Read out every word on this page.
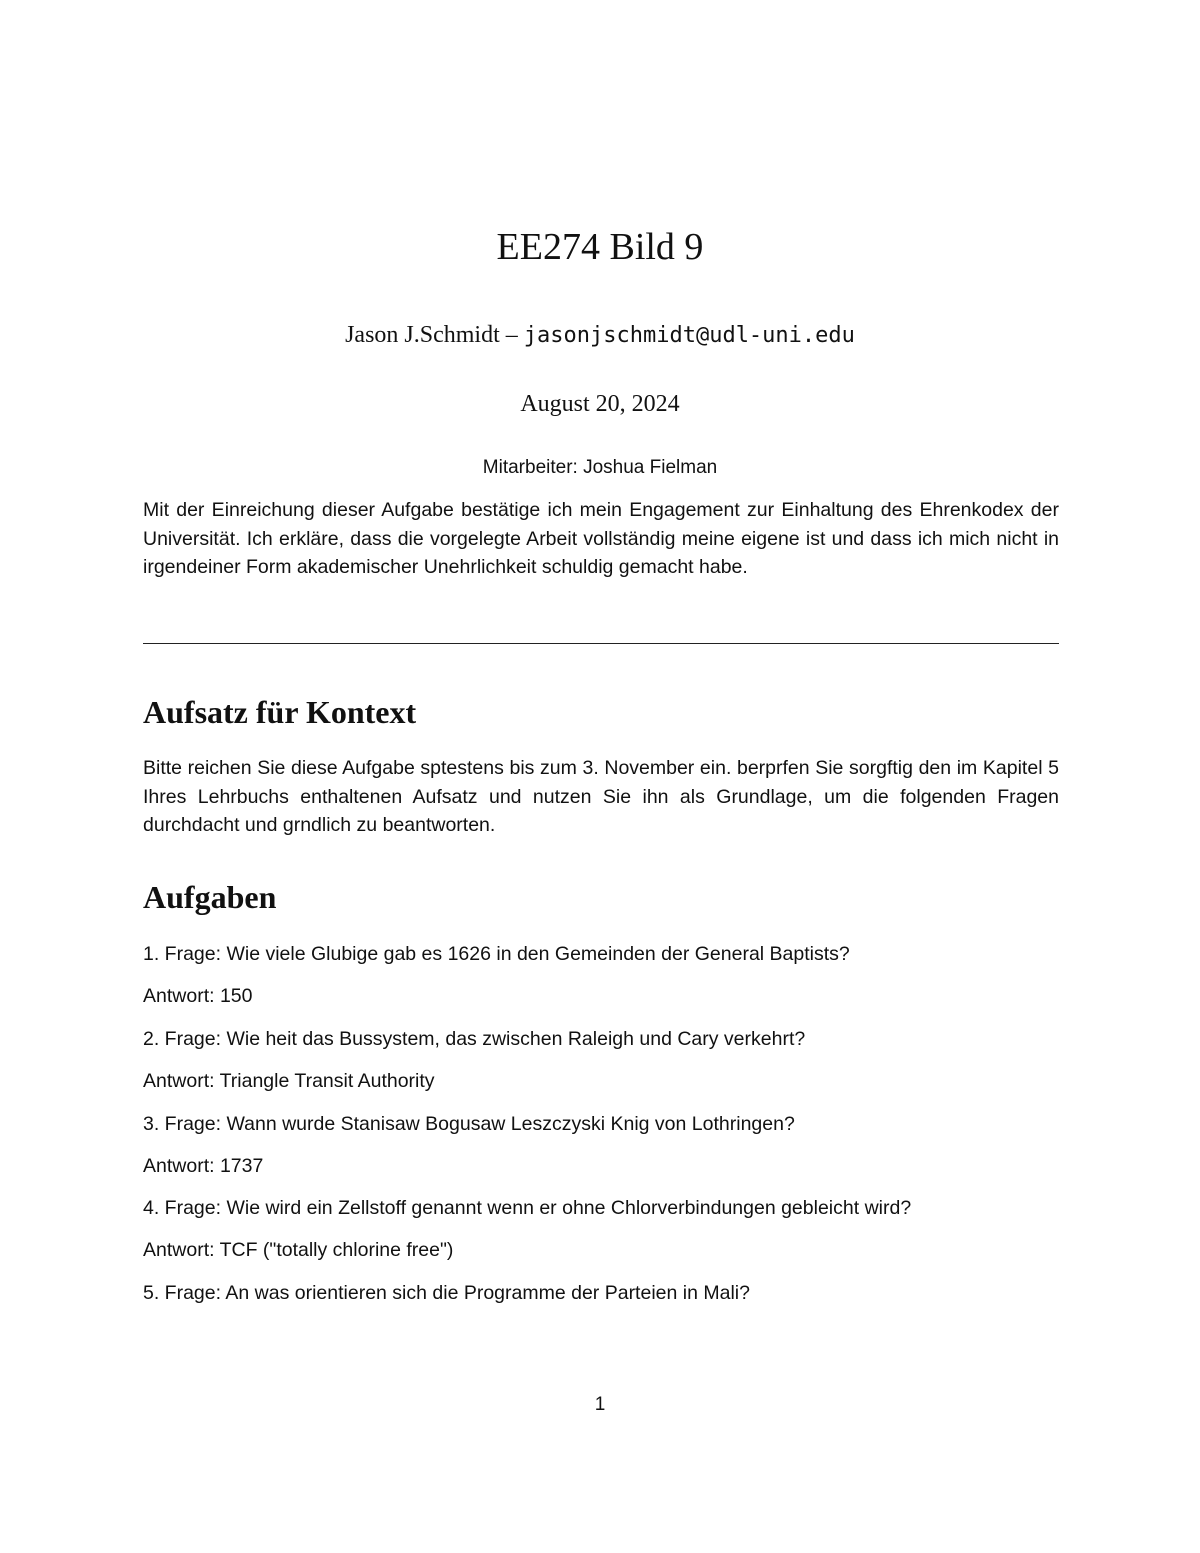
EE274 Bild 9
Jason J.Schmidt – jasonjschmidt@udl-uni.edu
August 20, 2024
Mitarbeiter: Joshua Fielman

Mit der Einreichung dieser Aufgabe bestätige ich mein Engagement zur Einhaltung des Ehrenkodex der Universität. Ich erkläre, dass die vorgelegte Arbeit vollständig meine eigene ist und dass ich mich nicht in irgendeiner Form akademischer Unehrlichkeit schuldig gemacht habe.

Aufsatz für Kontext

Bitte reichen Sie diese Aufgabe sptestens bis zum 3. November ein. berprfen Sie sorgftig den im Kapitel 5 Ihres Lehrbuchs enthaltenen Aufsatz und nutzen Sie ihn als Grundlage, um die folgenden Fragen durchdacht und grndlich zu beantworten.

Aufgaben

1. Frage: Wie viele Glubige gab es 1626 in den Gemeinden der General Baptists?

Antwort: 150

2. Frage: Wie heit das Bussystem, das zwischen Raleigh und Cary verkehrt?

Antwort: Triangle Transit Authority

3. Frage: Wann wurde Stanisaw Bogusaw Leszczyski Knig von Lothringen?

Antwort: 1737

4. Frage: Wie wird ein Zellstoff genannt wenn er ohne Chlorverbindungen gebleicht wird?

Antwort: TCF ("totally chlorine free")

5. Frage: An was orientieren sich die Programme der Parteien in Mali?

1
